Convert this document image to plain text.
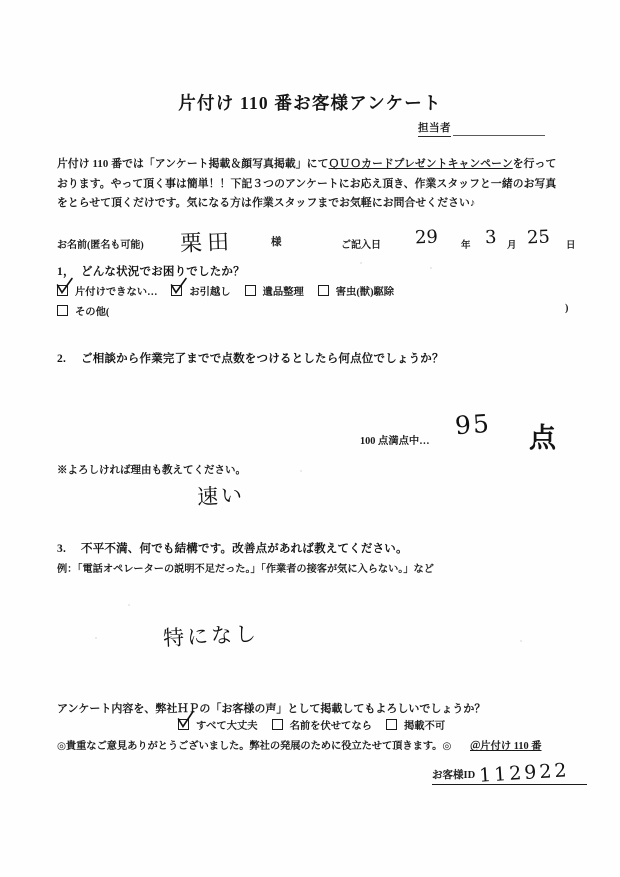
片付け 110 番お客様アンケート
担当者
片付け 110 番では「アンケート掲載＆顔写真掲載」にてＱＵＯカードプレゼントキャンペーンを行っております。やって頂く事は簡単！！下記３つのアンケートにお応え頂き、作業スタッフと一緒のお写真をとらせて頂くだけです。気になる方は作業スタッフまでお気軽にお問合せください♪
お名前(匿名も可能) 栗田	様	ご記入日 29 年 3 月 25 日
1， どんな状況でお困りでしたか？
片付けできない…	お引越し	遺品整理	害虫(獣)駆除
その他(	)
2. ご相談から作業完了までで点数をつけるとしたら何点位でしょうか？
100 点満点中…
95 点
※よろしければ理由も教えてください。
速い
3. 不平不満、何でも結構です。改善点があれば教えてください。
例：「電話オペレーターの説明不足だった。」「作業者の接客が気に入らない。」など
特になし
アンケート内容を、弊社ＨＰの「お客様の声」として掲載してもよろしいでしょうか？
すべて大丈夫	名前を伏せてなら	掲載不可
◎貴重なご意見ありがとうございました。弊社の発展のために役立たせて頂きます。◎ ＠片付け 110 番
お客様ID 112922
